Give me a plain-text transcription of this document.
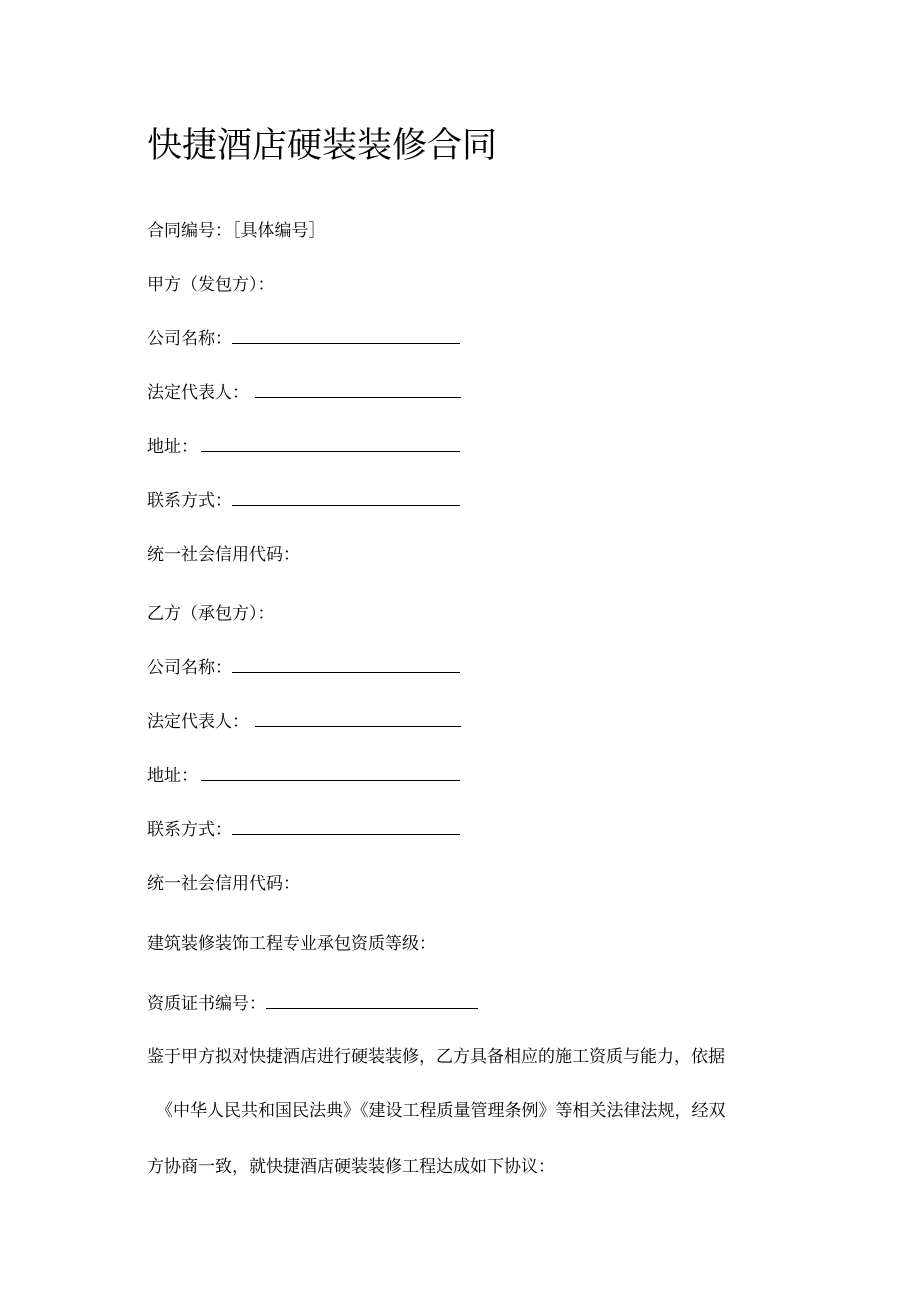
快捷酒店硬装装修合同
合同编号：［具体编号］
甲方（发包方）：
公司名称：
法定代表人：
地址：
联系方式：
统一社会信用代码：
乙方（承包方）：
公司名称：
法定代表人：
地址：
联系方式：
统一社会信用代码：
建筑装修装饰工程专业承包资质等级：
资质证书编号：
鉴于甲方拟对快捷酒店进行硬装装修，乙方具备相应的施工资质与能力，依据
《中华人民共和国民法典》《建设工程质量管理条例》等相关法律法规，经双
方协商一致，就快捷酒店硬装装修工程达成如下协议：
